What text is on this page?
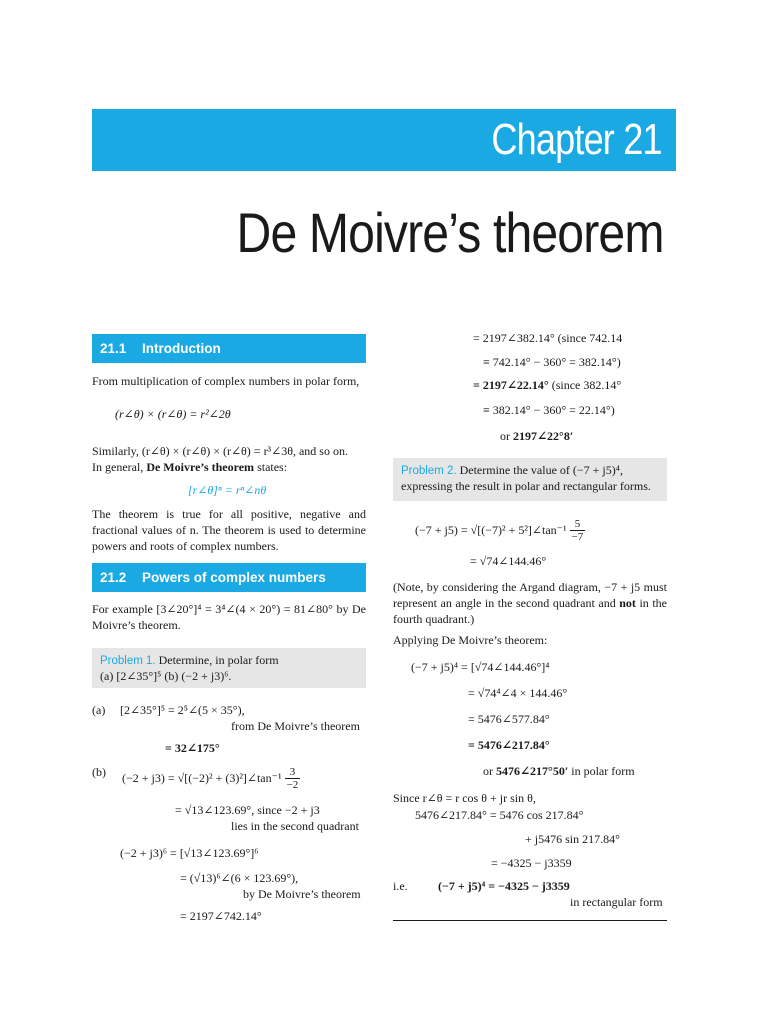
Chapter 21
De Moivre’s theorem
21.1	Introduction
From multiplication of complex numbers in polar form,
(r∠θ) × (r∠θ) = r²∠2θ
Similarly, (r∠θ) × (r∠θ) × (r∠θ) = r³∠3θ, and so on.
In general, De Moivre’s theorem states:
[r∠θ]ⁿ = rⁿ∠nθ

The theorem is true for all positive, negative and fractional values of n. The theorem is used to determine powers and roots of complex numbers.

21.2	Powers of complex numbers

For example [3∠20°]⁴ = 3⁴∠(4 × 20°) = 81∠80° by De Moivre’s theorem.

Problem 1. Determine, in polar form
(a) [2∠35°]⁵ (b) (−2 + j3)⁶.
(a) [2∠35°]⁵ = 2⁵∠(5 × 35°),
from De Moivre’s theorem
= 32∠175°
(b) (−2 + j3) = √[(−2)² + (3)²]∠tan⁻¹ $\frac{3}{-2}$
= √13∠123.69°, since −2 + j3
lies in the second quadrant
(−2 + j3)⁶ = [√13∠123.69°]⁶
= (√13)⁶∠(6 × 123.69°),
by De Moivre’s theorem
= 2197∠742.14°
= 2197∠382.14° (since 742.14
≡ 742.14° − 360° = 382.14°)
= 2197∠22.14° (since 382.14°
≡ 382.14° − 360° = 22.14°)
or 2197∠22°8′
Problem 2. Determine the value of (−7 + j5)⁴,
expressing the result in polar and rectangular forms.
(−7 + j5) = √[(−7)² + 5²]∠tan⁻¹ $\frac{5}{-7}$
= √74∠144.46°

(Note, by considering the Argand diagram, −7 + j5 must represent an angle in the second quadrant and not in the fourth quadrant.)

Applying De Moivre’s theorem:
(−7 + j5)⁴ = [√74∠144.46°]⁴
= √74⁴∠4 × 144.46°
= 5476∠577.84°
= 5476∠217.84°
or 5476∠217°50′ in polar form
Since r∠θ = r cos θ + jr sin θ,
5476∠217.84° = 5476 cos 217.84°
+ j5476 sin 217.84°
= −4325 − j3359
i.e.	(−7 + j5)⁴ = −4325 − j3359
in rectangular form
